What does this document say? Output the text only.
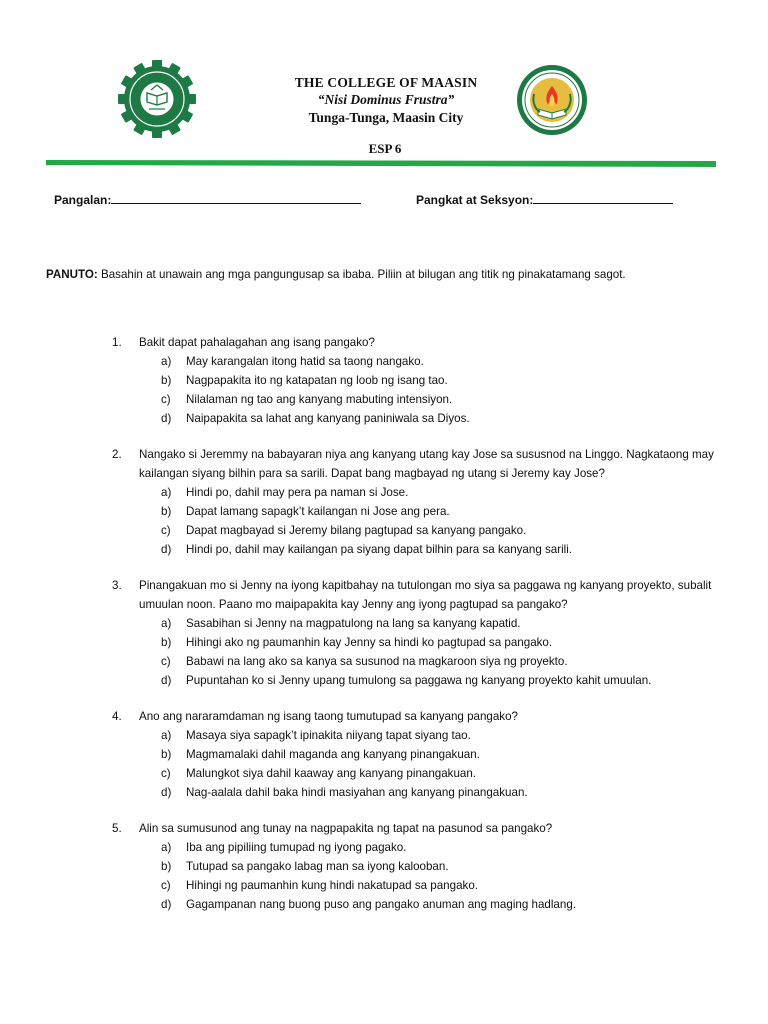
THE COLLEGE OF MAASIN
“Nisi Dominus Frustra”
Tunga-Tunga, Maasin City
ESP 6
Pangalan:	Pangkat at Seksyon:
PANUTO: Basahin at unawain ang mga pangungusap sa ibaba. Piliin at bilugan ang titik ng pinakatamang sagot.
1.	Bakit dapat pahalagahan ang isang pangako?
a)	May karangalan itong hatid sa taong nangako.
b)	Nagpapakita ito ng katapatan ng loob ng isang tao.
c)	Nilalaman ng tao ang kanyang mabuting intensiyon.
d)	Naipapakita sa lahat ang kanyang paniniwala sa Diyos.
2.	Nangako si Jeremmy na babayaran niya ang kanyang utang kay Jose sa sususnod na Linggo. Nagkataong may kailangan siyang bilhin para sa sarili. Dapat bang magbayad ng utang si Jeremy kay Jose?
a)	Hindi po, dahil may pera pa naman si Jose.
b)	Dapat lamang sapagk’t kailangan ni Jose ang pera.
c)	Dapat magbayad si Jeremy bilang pagtupad sa kanyang pangako.
d)	Hindi po, dahil may kailangan pa siyang dapat bilhin para sa kanyang sarili.
3.	Pinangakuan mo si Jenny na iyong kapitbahay na tutulongan mo siya sa paggawa ng kanyang proyekto, subalit umuulan noon. Paano mo maipapakita kay Jenny ang iyong pagtupad sa pangako?
a)	Sasabihan si Jenny na magpatulong na lang sa kanyang kapatid.
b)	Hihingi ako ng paumanhin kay Jenny sa hindi ko pagtupad sa pangako.
c)	Babawi na lang ako sa kanya sa susunod na magkaroon siya ng proyekto.
d)	Pupuntahan ko si Jenny upang tumulong sa paggawa ng kanyang proyekto kahit umuulan.
4.	Ano ang nararamdaman ng isang taong tumutupad sa kanyang pangako?
a)	Masaya siya sapagk’t ipinakita niiyang tapat siyang tao.
b)	Magmamalaki dahil maganda ang kanyang pinangakuan.
c)	Malungkot siya dahil kaaway ang kanyang pinangakuan.
d)	Nag-aalala dahil baka hindi masiyahan ang kanyang pinangakuan.
5.	Alin sa sumusunod ang tunay na nagpapakita ng tapat na pasunod sa pangako?
a)	Iba ang pipiliing tumupad ng iyong pagako.
b)	Tutupad sa pangako labag man sa iyong kalooban.
c)	Hihingi ng paumanhin kung hindi nakatupad sa pangako.
d)	Gagampanan nang buong puso ang pangako anuman ang maging hadlang.
